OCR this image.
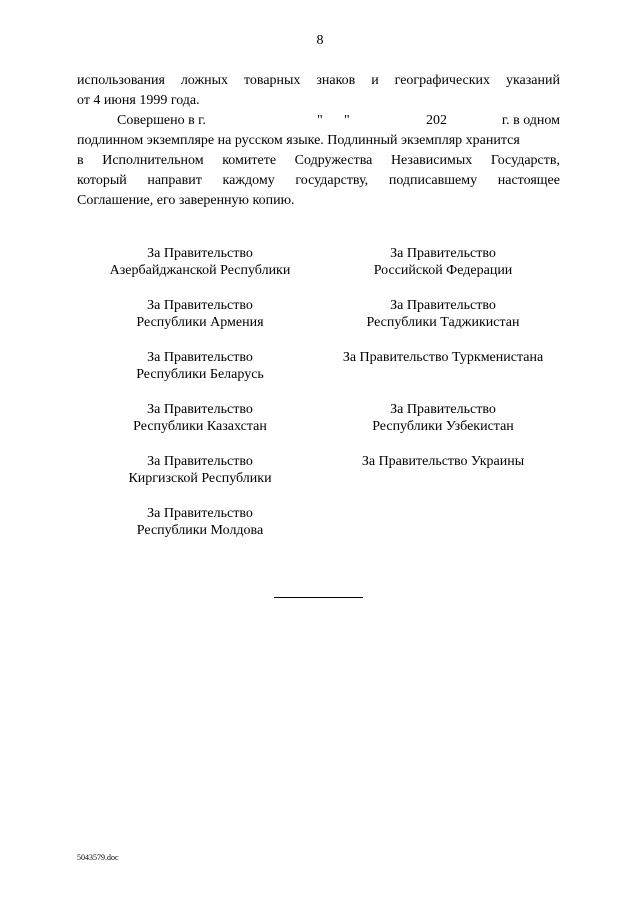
8
использования ложных товарных знаков и географических указаний
от 4 июня 1999 года.
Совершено в г.	"	"	202	г. в одном
подлинном экземпляре на русском языке. Подлинный экземпляр хранится
в Исполнительном комитете Содружества Независимых Государств,
который направит каждому государству, подписавшему настоящее
Соглашение, его заверенную копию.
За Правительство
Азербайджанской Республики
За Правительство
Республики Армения
За Правительство
Республики Беларусь
За Правительство
Республики Казахстан
За Правительство
Киргизской Республики
За Правительство
Республики Молдова
За Правительство
Российской Федерации
За Правительство
Республики Таджикистан
За Правительство Туркменистана
За Правительство
Республики Узбекистан
За Правительство Украины
5043579.doc
